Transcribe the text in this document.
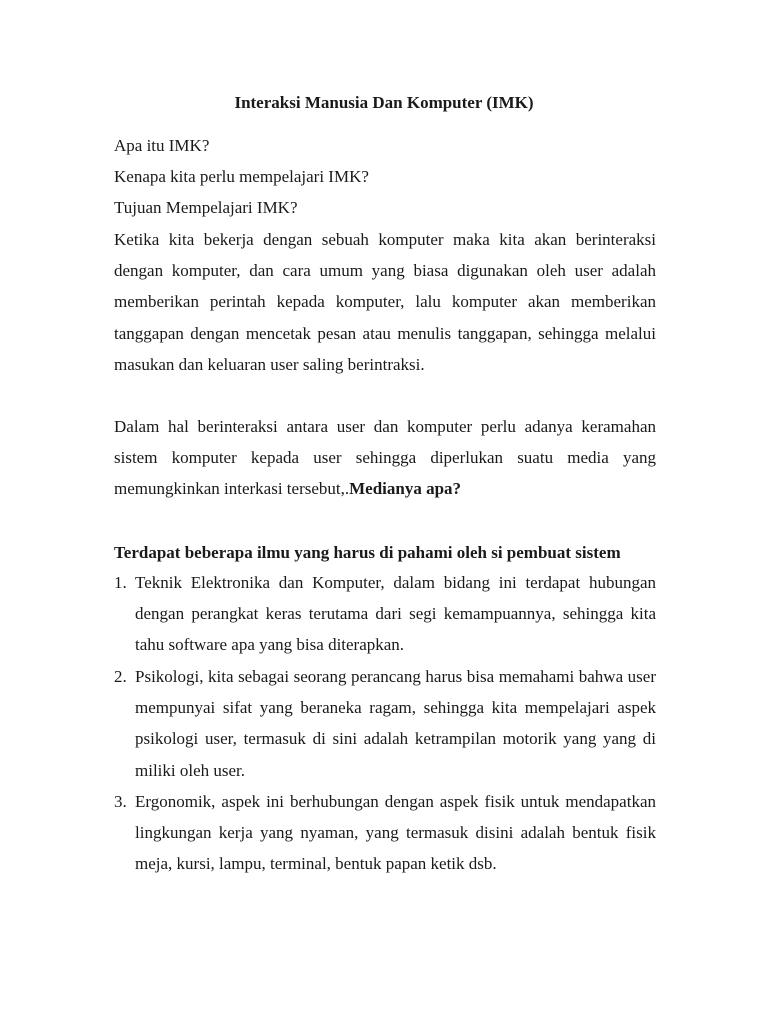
Interaksi Manusia Dan Komputer (IMK)
Apa itu IMK?
Kenapa kita perlu mempelajari IMK?
Tujuan Mempelajari IMK?
Ketika kita bekerja dengan sebuah komputer maka kita akan berinteraksi dengan komputer, dan cara umum yang biasa digunakan oleh user adalah memberikan perintah kepada komputer, lalu komputer akan memberikan tanggapan dengan mencetak pesan atau menulis tanggapan, sehingga melalui masukan dan keluaran user saling berintraksi.
Dalam hal berinteraksi antara user dan komputer perlu adanya keramahan sistem komputer kepada user sehingga diperlukan suatu media yang memungkinkan interkasi tersebut,.Medianya apa?
Terdapat beberapa ilmu yang harus di pahami oleh si pembuat sistem
1. Teknik Elektronika dan Komputer, dalam bidang ini terdapat hubungan dengan perangkat keras terutama dari segi kemampuannya, sehingga kita tahu software apa yang bisa diterapkan.
2. Psikologi, kita sebagai seorang perancang harus bisa memahami bahwa user mempunyai sifat yang beraneka ragam, sehingga kita mempelajari aspek psikologi user, termasuk di sini adalah ketrampilan motorik yang yang di miliki oleh user.
3. Ergonomik, aspek ini berhubungan dengan aspek fisik untuk mendapatkan lingkungan kerja yang nyaman, yang termasuk disini adalah bentuk fisik meja, kursi, lampu, terminal, bentuk papan ketik dsb.
